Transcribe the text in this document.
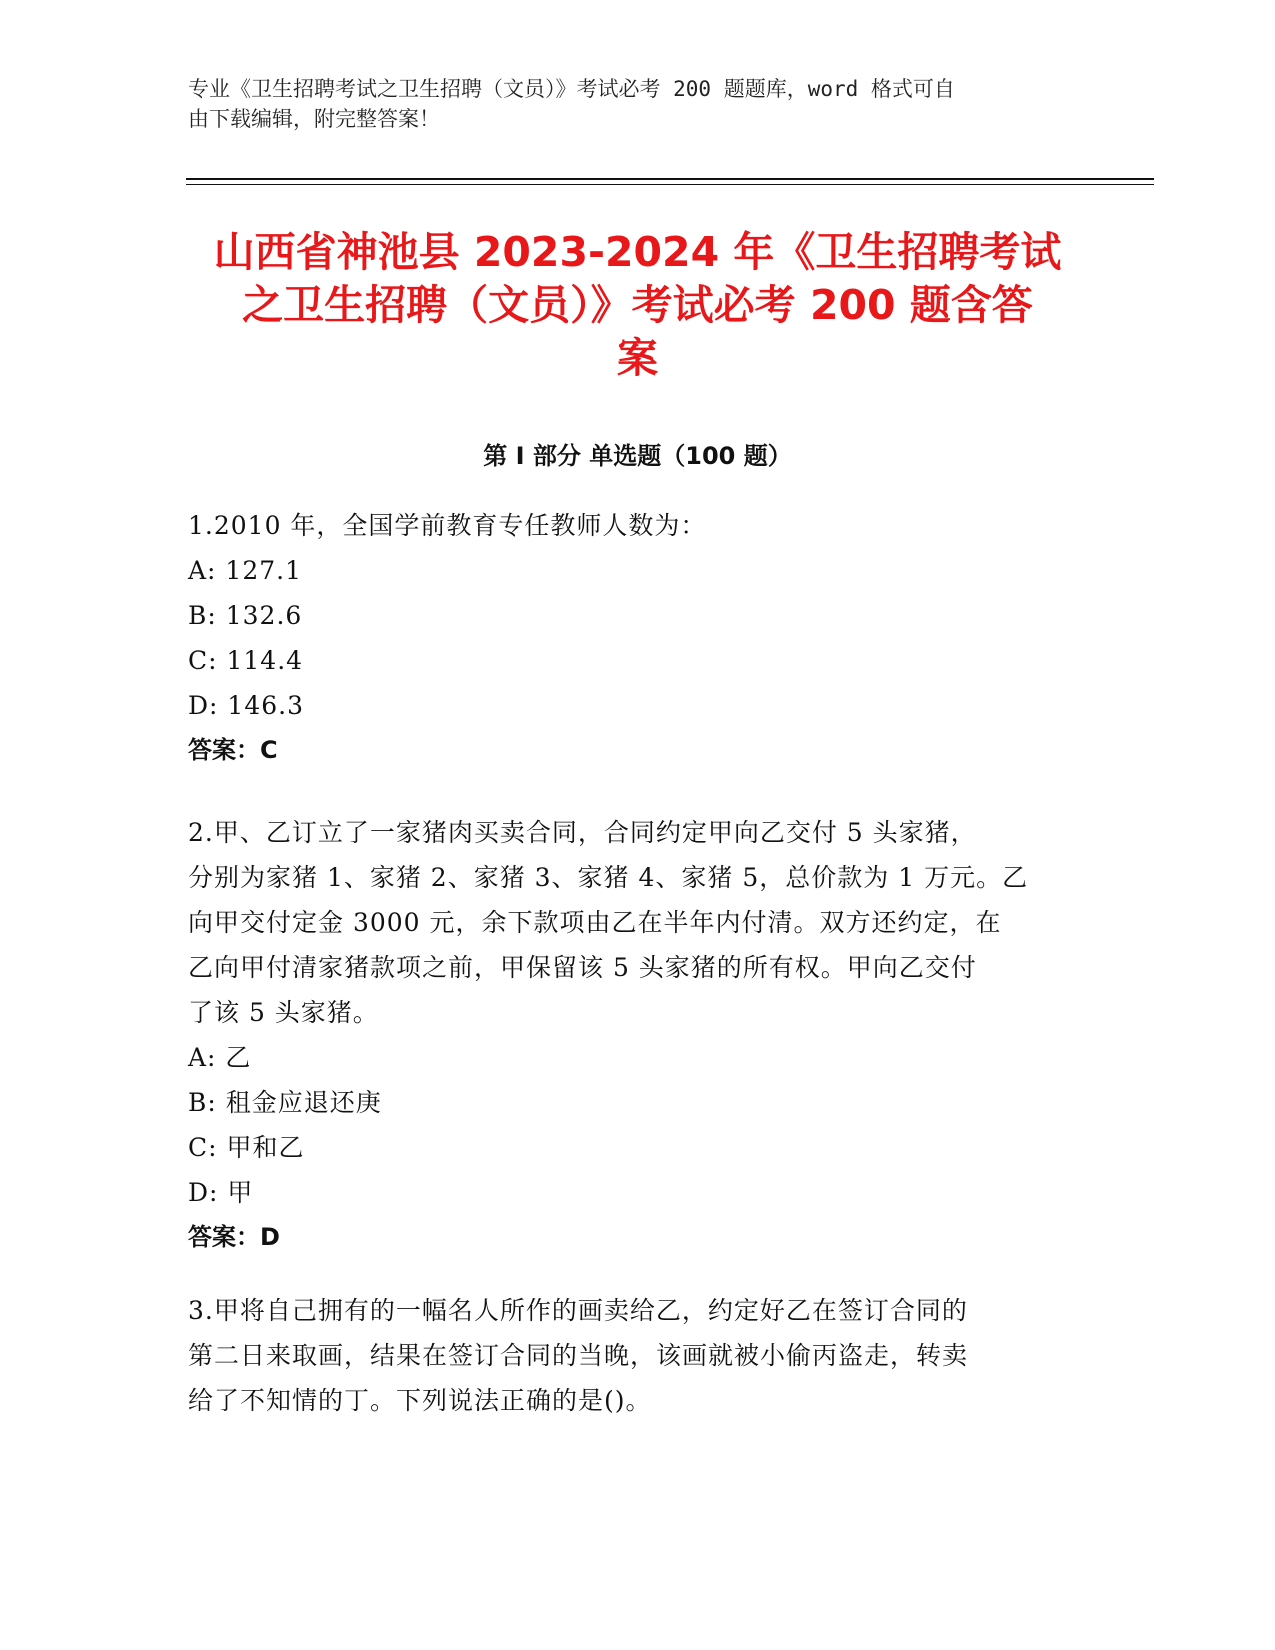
专业《卫生招聘考试之卫生招聘（文员）》考试必考 200 题题库，word 格式可自
由下载编辑，附完整答案！
山西省神池县 2023-2024 年《卫生招聘考试
之卫生招聘（文员）》考试必考 200 题含答
案
第 I 部分 单选题（100 题）
1.2010 年，全国学前教育专任教师人数为：
A: 127.1
B: 132.6
C: 114.4
D: 146.3
答案：C
2.甲、乙订立了一家猪肉买卖合同，合同约定甲向乙交付 5 头家猪，
分别为家猪 1、家猪 2、家猪 3、家猪 4、家猪 5，总价款为 1 万元。乙
向甲交付定金 3000 元，余下款项由乙在半年内付清。双方还约定，在
乙向甲付清家猪款项之前，甲保留该 5 头家猪的所有权。甲向乙交付
了该 5 头家猪。
A: 乙
B: 租金应退还庚
C: 甲和乙
D: 甲
答案：D
3.甲将自己拥有的一幅名人所作的画卖给乙，约定好乙在签订合同的
第二日来取画，结果在签订合同的当晚，该画就被小偷丙盗走，转卖
给了不知情的丁。下列说法正确的是()。
